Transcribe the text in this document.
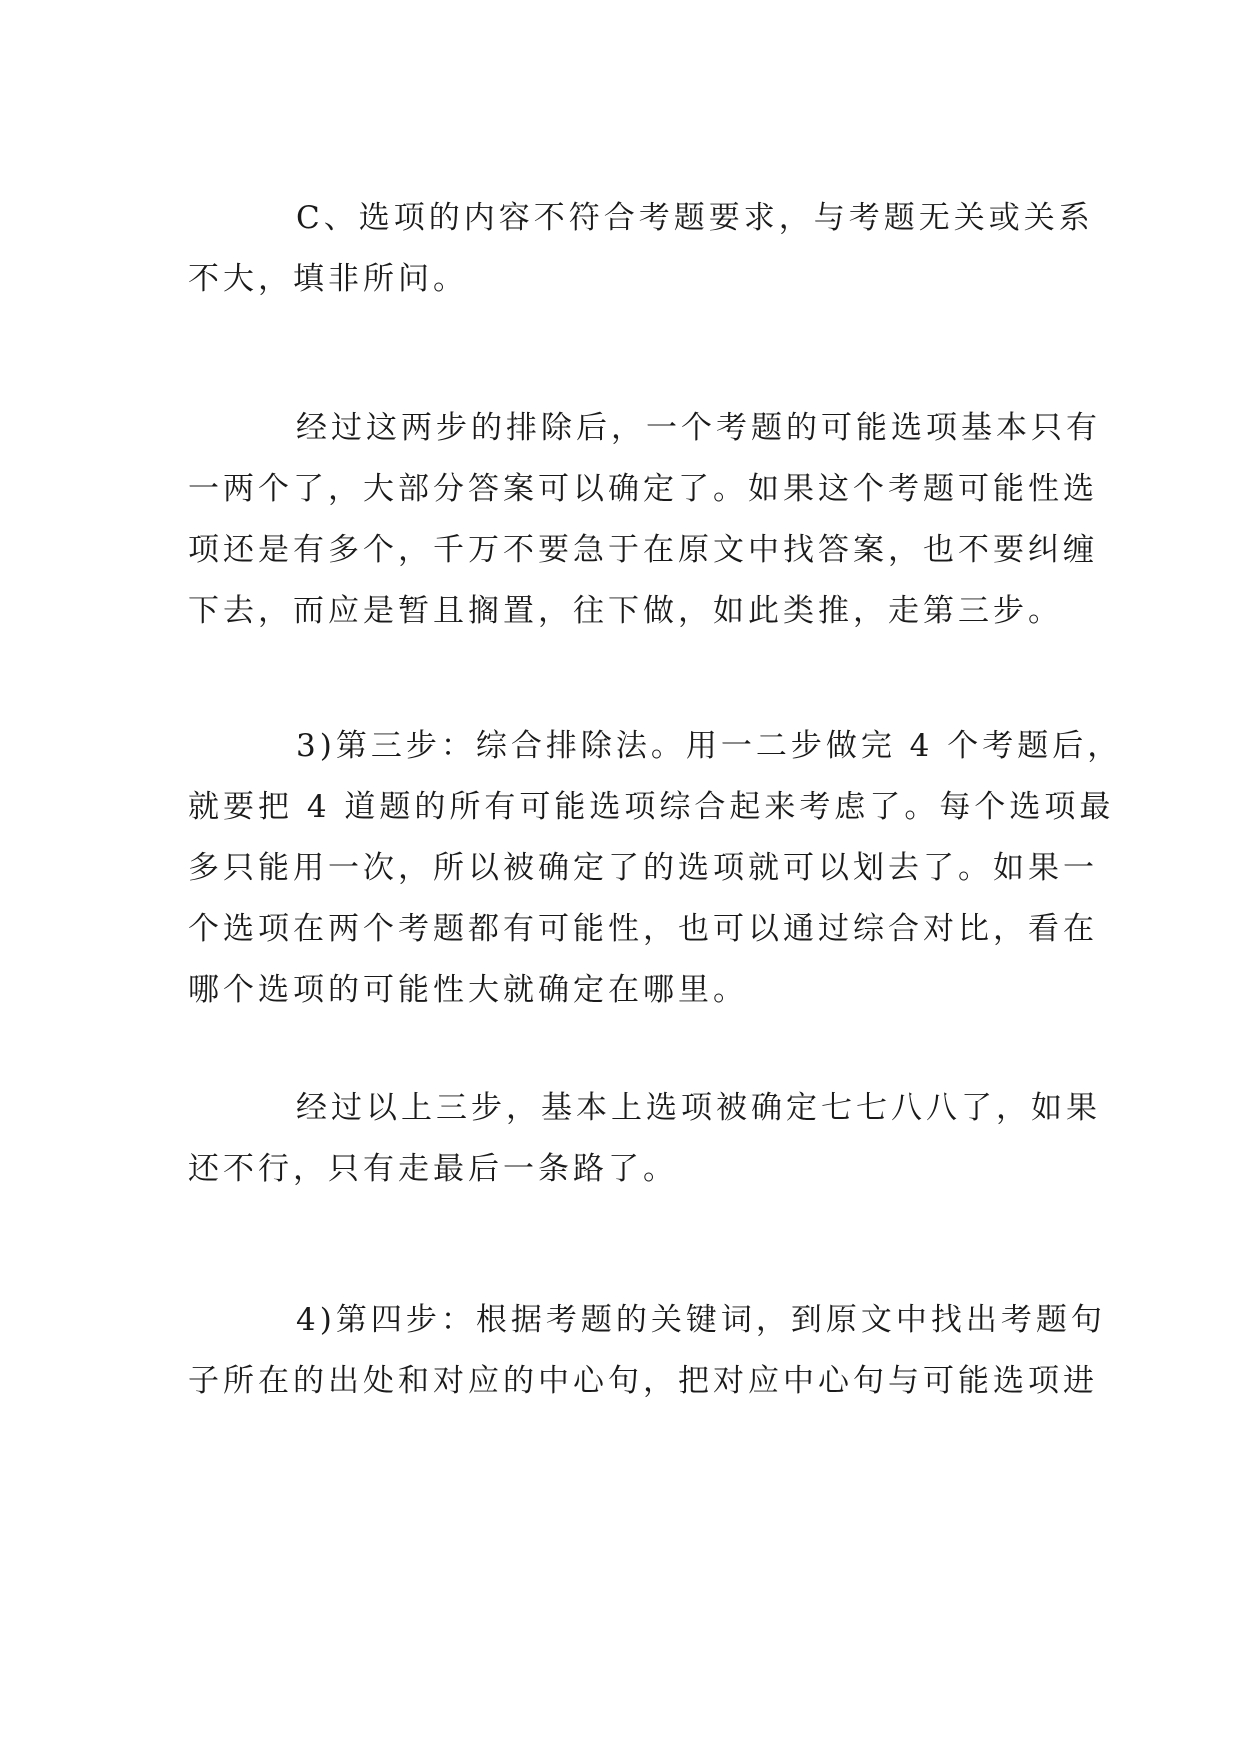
C、选项的内容不符合考题要求，与考题无关或关系
不大，填非所问。
经过这两步的排除后，一个考题的可能选项基本只有
一两个了，大部分答案可以确定了。如果这个考题可能性选
项还是有多个，千万不要急于在原文中找答案，也不要纠缠
下去，而应是暂且搁置，往下做，如此类推，走第三步。
3)第三步：综合排除法。用一二步做完 4 个考题后，
就要把 4 道题的所有可能选项综合起来考虑了。每个选项最
多只能用一次，所以被确定了的选项就可以划去了。如果一
个选项在两个考题都有可能性，也可以通过综合对比，看在
哪个选项的可能性大就确定在哪里。
经过以上三步，基本上选项被确定七七八八了，如果
还不行，只有走最后一条路了。
4)第四步：根据考题的关键词，到原文中找出考题句
子所在的出处和对应的中心句，把对应中心句与可能选项进
